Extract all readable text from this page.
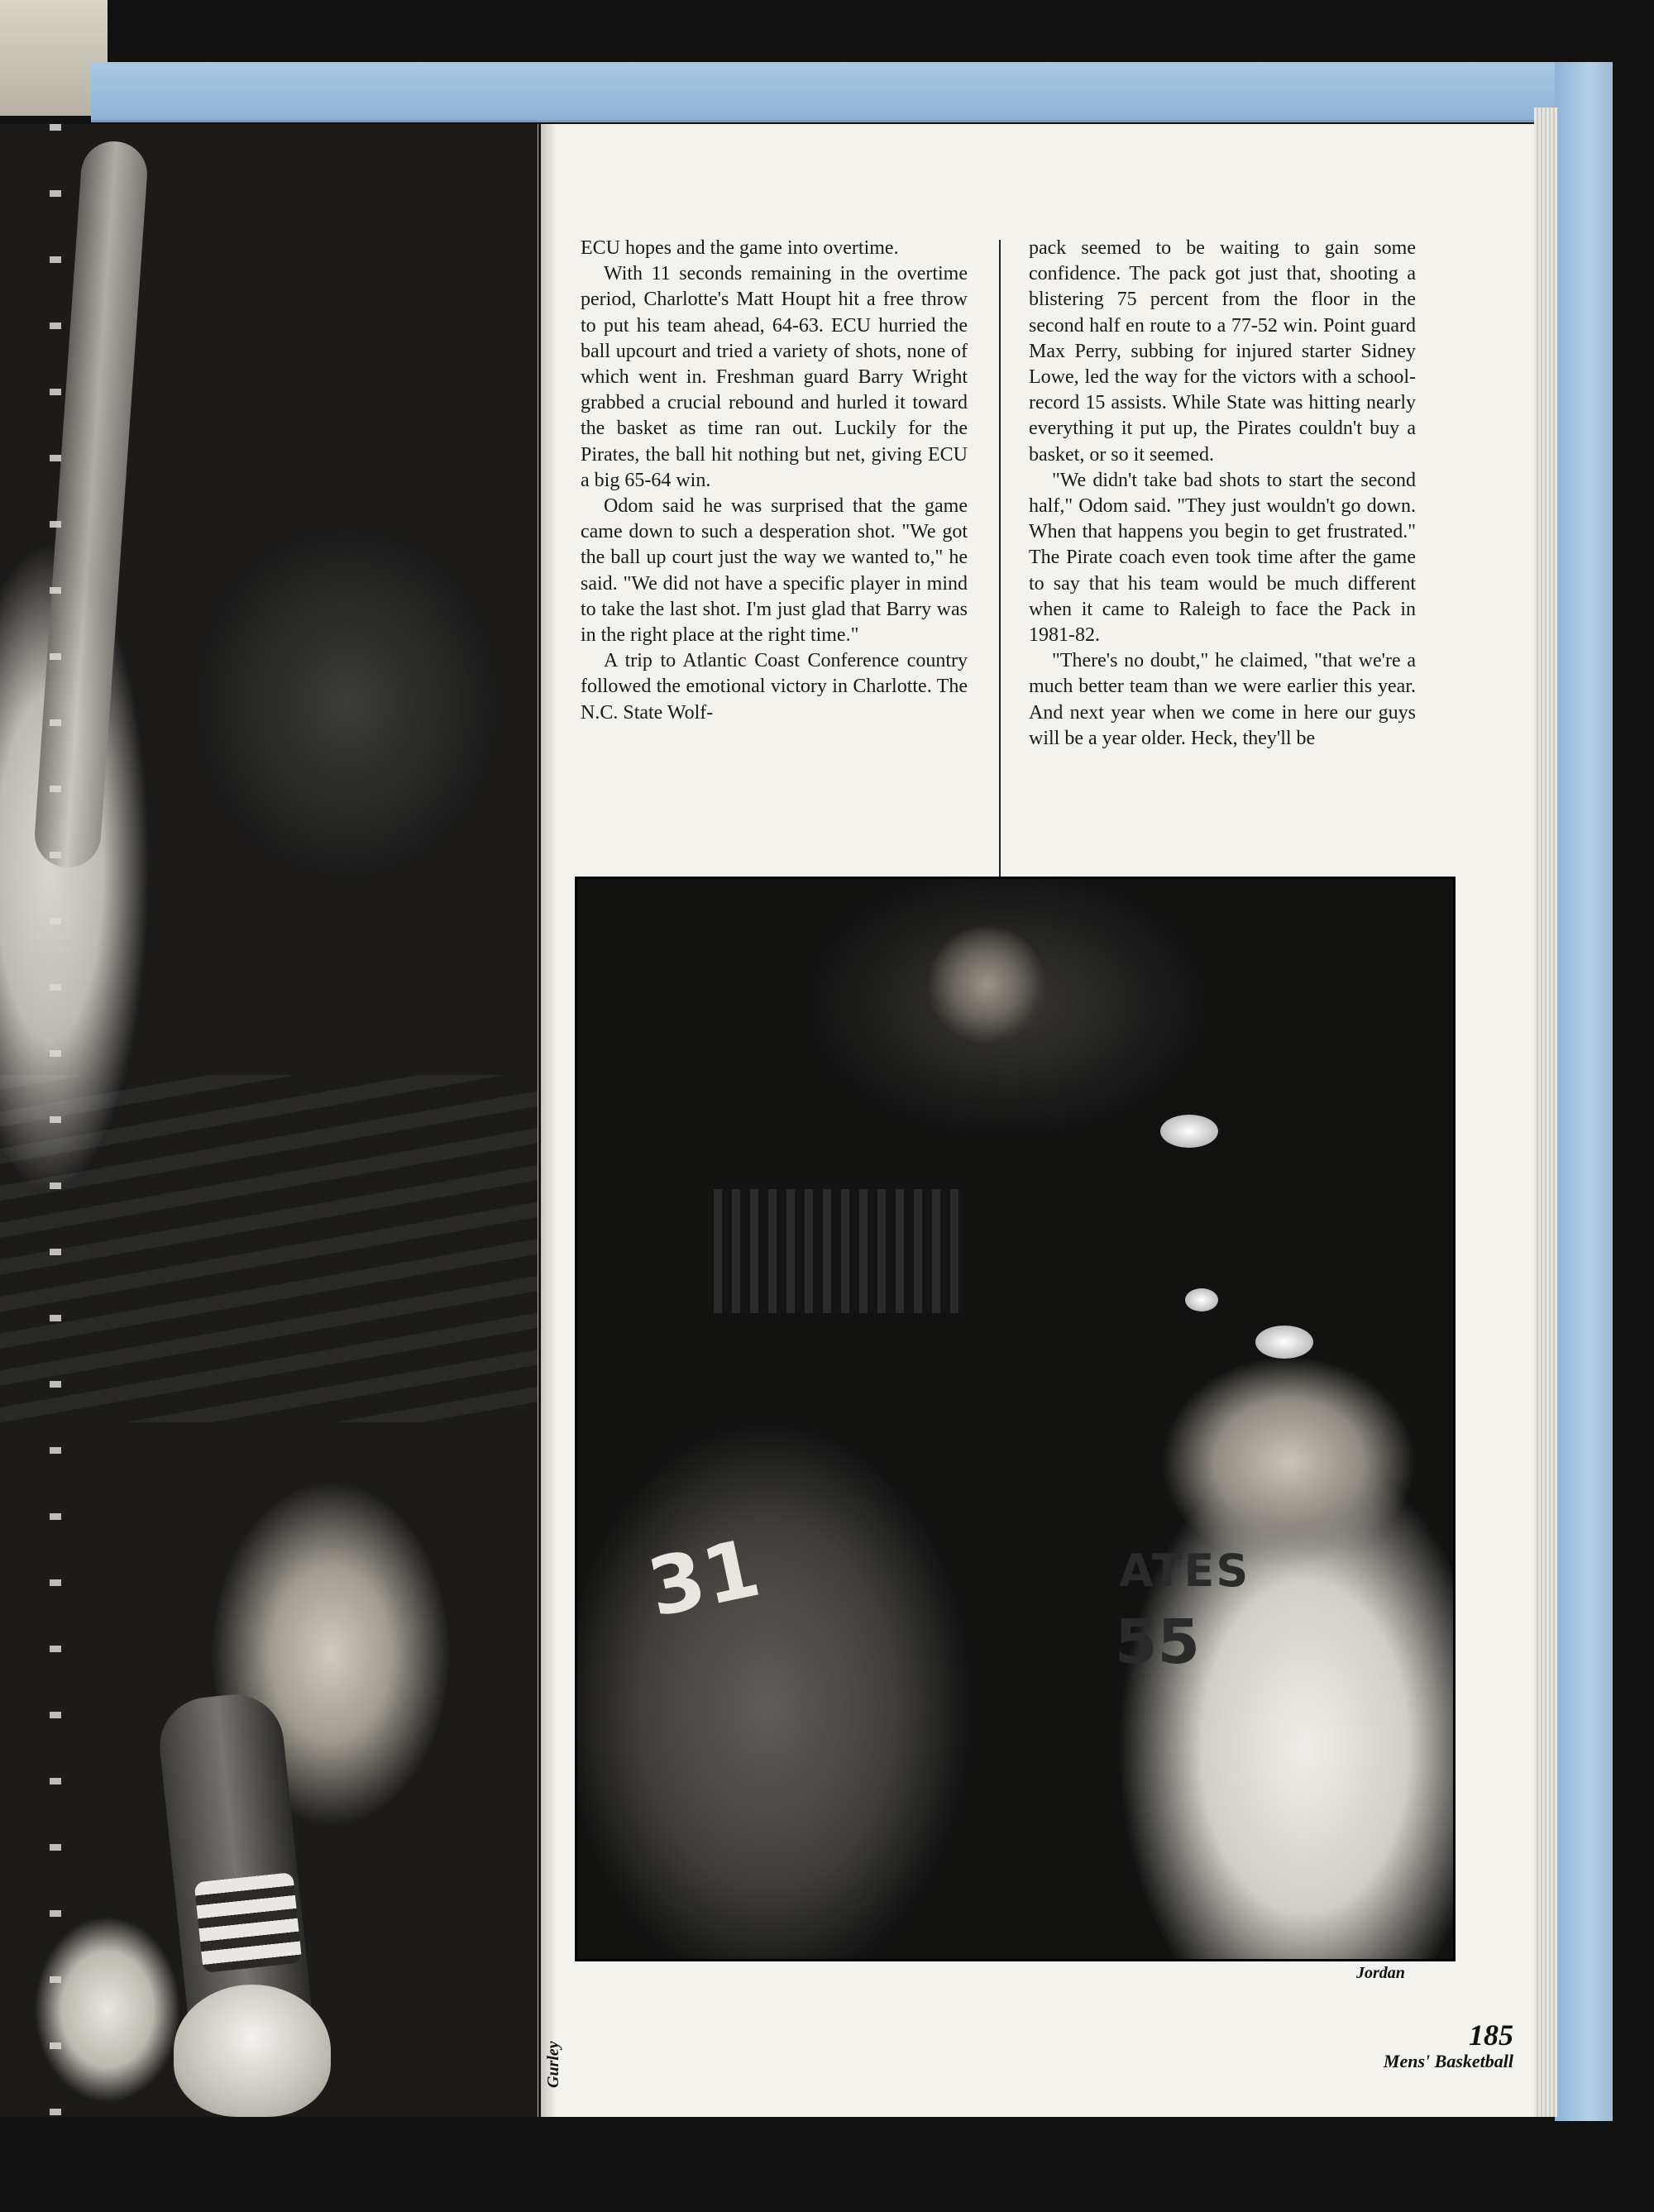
ECU hopes and the game into overtime.

With 11 seconds remaining in the overtime period, Charlotte's Matt Houpt hit a free throw to put his team ahead, 64-63. ECU hurried the ball upcourt and tried a variety of shots, none of which went in. Freshman guard Barry Wright grabbed a crucial rebound and hurled it toward the basket as time ran out. Luckily for the Pirates, the ball hit nothing but net, giving ECU a big 65-64 win.

Odom said he was surprised that the game came down to such a desperation shot. "We got the ball up court just the way we wanted to," he said. "We did not have a specific player in mind to take the last shot. I'm just glad that Barry was in the right place at the right time."

A trip to Atlantic Coast Conference country followed the emotional victory in Charlotte. The N.C. State Wolf-

pack seemed to be waiting to gain some confidence. The pack got just that, shooting a blistering 75 percent from the floor in the second half en route to a 77-52 win. Point guard Max Perry, subbing for injured starter Sidney Lowe, led the way for the victors with a school-record 15 assists. While State was hitting nearly everything it put up, the Pirates couldn't buy a basket, or so it seemed.

"We didn't take bad shots to start the second half," Odom said. "They just wouldn't go down. When that happens you begin to get frustrated." The Pirate coach even took time after the game to say that his team would be much different when it came to Raleigh to face the Pack in 1981-82.

"There's no doubt," he claimed, "that we're a much better team than we were earlier this year. And next year when we come in here our guys will be a year older. Heck, they'll be

31	ATES
55
Jordan
Gurley
185
Mens' Basketball
